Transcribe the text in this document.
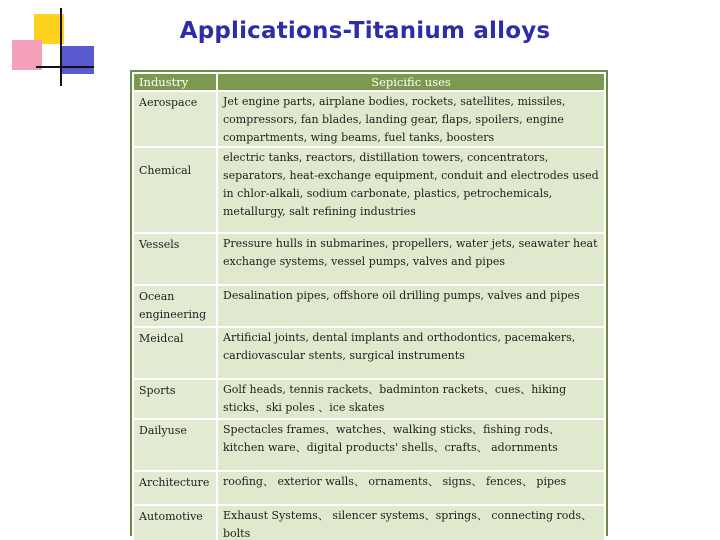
Applications-Titanium alloys
Industry	Sepicific uses
Aerospace	Jet engine parts, airplane bodies, rockets, satellites, missiles, compressors, fan blades, landing gear, flaps, spoilers, engine compartments, wing beams, fuel tanks, boosters
Chemical	electric tanks, reactors, distillation towers, concentrators, separators, heat-exchange equipment, conduit and electrodes used in chlor-alkali, sodium carbonate, plastics, petrochemicals, metallurgy, salt refining industries
Vessels	Pressure hulls in submarines, propellers, water jets, seawater heat exchange systems, vessel pumps, valves and pipes
Ocean engineering	Desalination pipes, offshore oil drilling pumps, valves and pipes
Meidcal	Artificial joints, dental implants and orthodontics, pacemakers, cardiovascular stents, surgical instruments
Sports	Golf heads, tennis rackets、badminton rackets、cues、hiking sticks、ski poles 、ice skates
Dailyuse	Spectacles frames、watches、walking sticks、fishing rods、kitchen ware、digital products' shells、crafts、 adornments
Architecture	roofing、 exterior walls、 ornaments、 signs、 fences、 pipes
Automotive	Exhaust Systems、 silencer systems、springs、 connecting rods、 bolts
